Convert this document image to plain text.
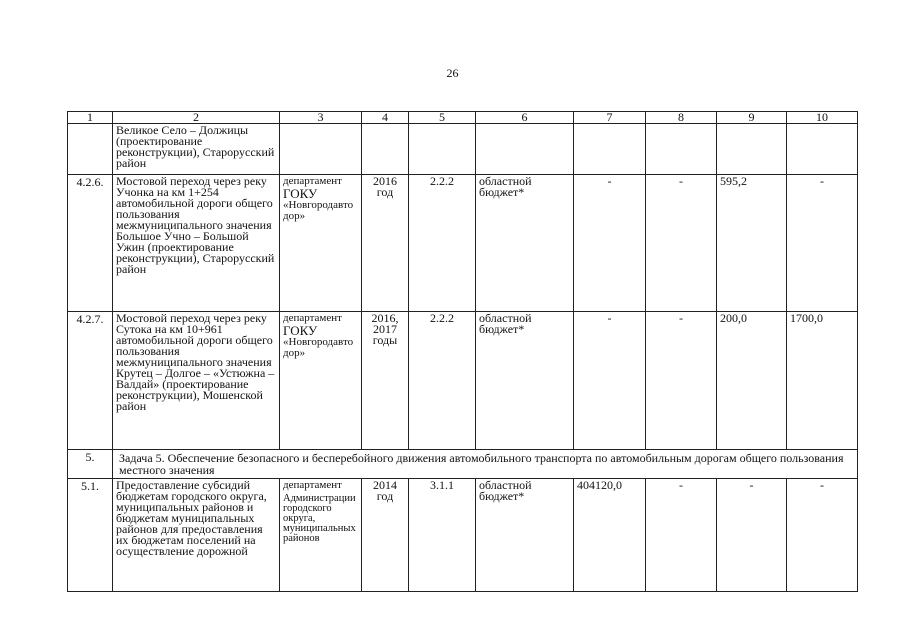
26
1	2	3	4	5	6	7	8	9	10
	Великое Село – Должицы (проектирование реконструкции), Старорусский район								
4.2.6.	Мостовой переход через реку Учонка на км 1+254 автомобильной дороги общего пользования межмуниципального значения Большое Учно – Большой Ужин (проектирование реконструкции), Старорусский район	департамент
ГОКУ
«Новгородавтодор»	2016 год	2.2.2	областной бюджет*	-	-	595,2	-
4.2.7.	Мостовой переход через реку Сутока на км 10+961 автомобильной дороги общего пользования межмуниципального значения Крутец – Долгое – «Устюжна – Валдай» (проектирование реконструкции), Мошенской район	департамент
ГОКУ
«Новгородавтодор»	2016, 2017 годы	2.2.2	областной бюджет*	-	-	200,0	1700,0
5.	Задача 5. Обеспечение безопасного и бесперебойного движения автомобильного транспорта по автомобильным дорогам общего пользования местного значения								
5.1.	Предоставление субсидий бюджетам городского округа, муниципальных районов и бюджетам муниципальных районов для предоставления их бюджетам поселений на осуществление дорожной	департамент
Администрации городского округа, муниципальных районов	2014 год	3.1.1	областной бюджет*	404120,0	-	-	-
